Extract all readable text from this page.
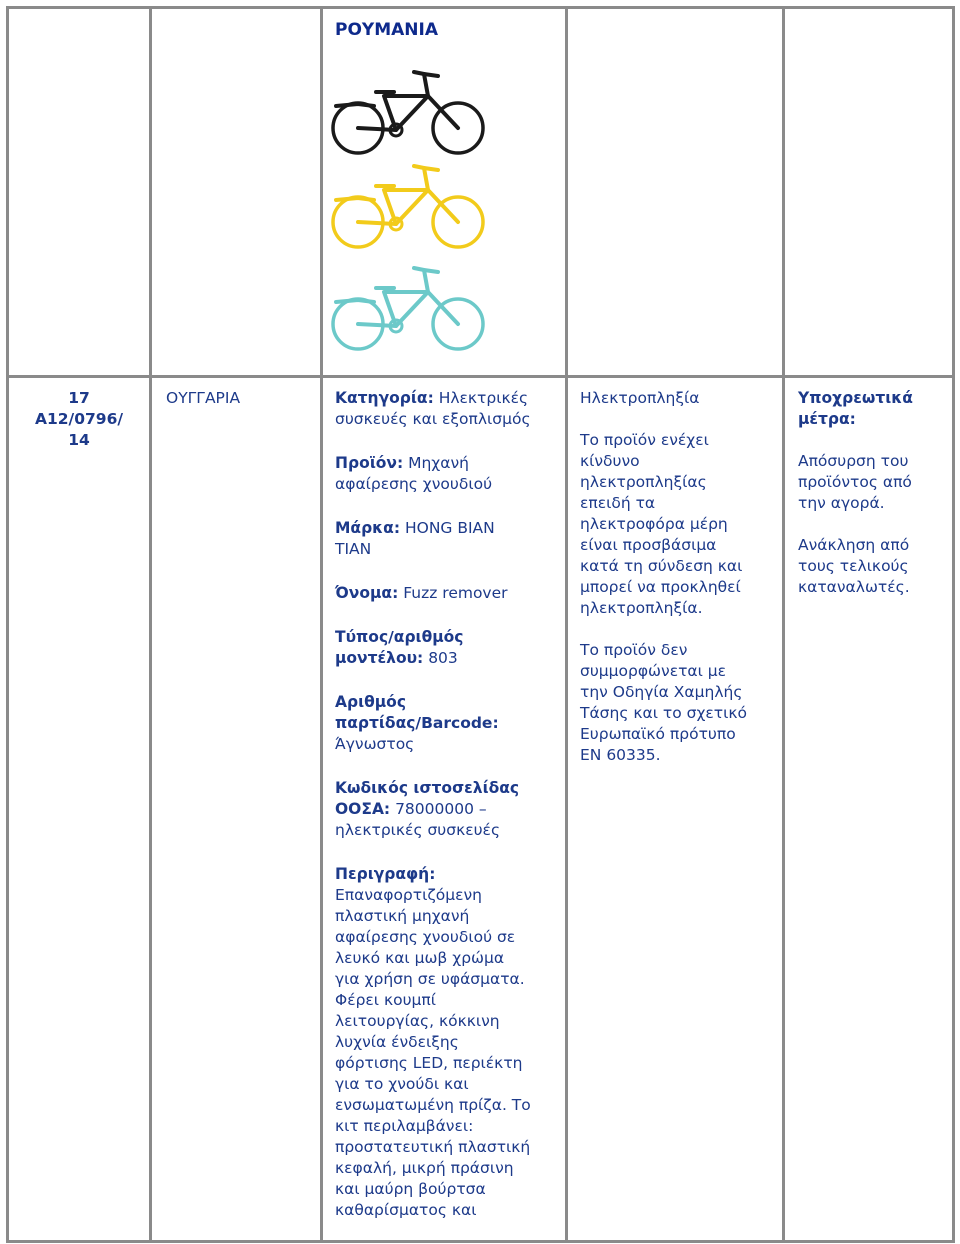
ΡΟΥΜΑΝΙΑ

17

A12/0796/

14

ΟΥΓΓΑΡΙΑ	Κατηγορία: Ηλεκτρικές

συσκευές και εξοπλισμός

Προϊόν: Μηχανή

αφαίρεσης χνουδιού

Μάρκα: HONG BIAN

TIAN

Όνομα: Fuzz remover

Τύπος/αριθμός

μοντέλου: 803

Αριθμός

παρτίδας/Barcode:

Άγνωστος

Κωδικός ιστοσελίδας

ΟΟΣΑ: 78000000 –

ηλεκτρικές συσκευές

Περιγραφή:

Επαναφορτιζόμενη

πλαστική μηχανή

αφαίρεσης χνουδιού σε

λευκό και μωβ χρώμα

για χρήση σε υφάσματα.

Φέρει κουμπί

λειτουργίας, κόκκινη

λυχνία ένδειξης

φόρτισης LED, περιέκτη

για το χνούδι και

ενσωματωμένη πρίζα. Το

κιτ περιλαμβάνει:

προστατευτική πλαστική

κεφαλή, μικρή πράσινη

και μαύρη βούρτσα

καθαρίσματος και

Ηλεκτροπληξία

Το προϊόν ενέχει

κίνδυνο

ηλεκτροπληξίας

επειδή τα

ηλεκτροφόρα μέρη

είναι προσβάσιμα

κατά τη σύνδεση και

μπορεί να προκληθεί

ηλεκτροπληξία.

Το προϊόν δεν

συμμορφώνεται με

την Οδηγία Χαμηλής

Τάσης και το σχετικό

Ευρωπαϊκό πρότυπο

EN 60335.

Υποχρεωτικά

μέτρα:

Απόσυρση του

προϊόντος από

την αγορά.

Ανάκληση από

τους τελικούς

καταναλωτές.
